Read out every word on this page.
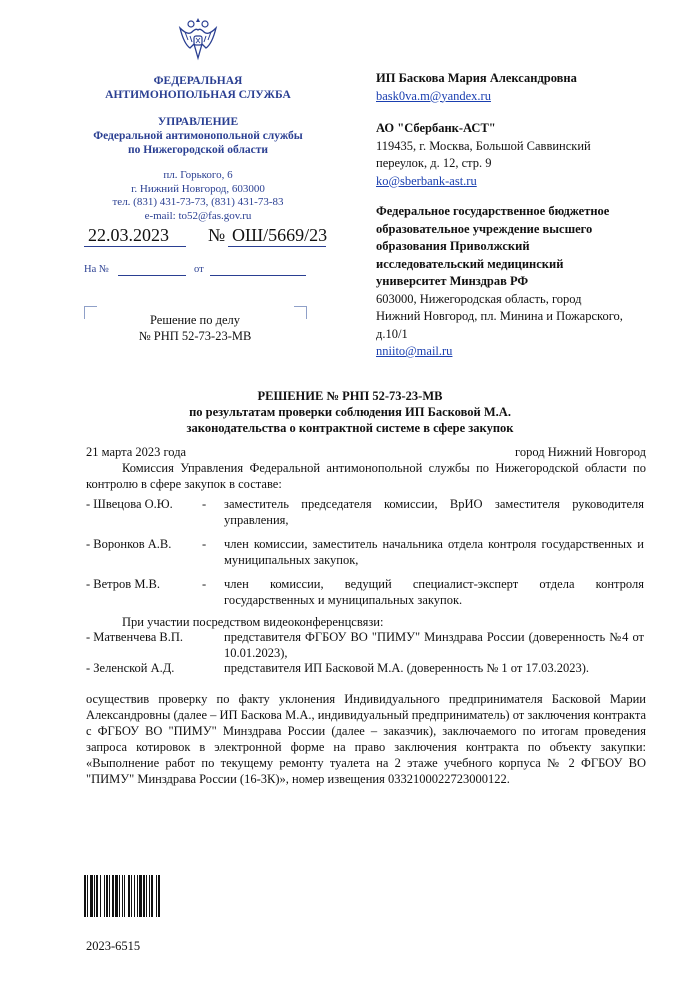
ФЕДЕРАЛЬНАЯ
АНТИМОНОПОЛЬНАЯ СЛУЖБА
УПРАВЛЕНИЕ
Федеральной антимонопольной службы
по Нижегородской области
пл. Горького, 6
г. Нижний Новгород, 603000
тел. (831) 431-73-73, (831) 431-73-83
e-mail: to52@fas.gov.ru
22.03.2023	№ ОШ/5669/23
На №	от
Решение по делу
№ РНП 52-73-23-МВ
ИП Басковa Мария Александровна
bask0va.m@yandex.ru
АО "Сбербанк-АСТ"
119435, г. Москва, Большой Саввинский
переулок, д. 12, стр. 9
ko@sberbank-ast.ru
Федеральное государственное бюджетное
образовательное учреждение высшего
образования Приволжский
исследовательский медицинский
университет Минздрав РФ
603000, Нижегородская область, город
Нижний Новгород, пл. Минина и Пожарского,
д.10/1
nniito@mail.ru
РЕШЕНИЕ № РНП 52-73-23-МВ
по результатам проверки соблюдения ИП Басковой М.А.
законодательства о контрактной системе в сфере закупок
21 марта 2023 года	город Нижний Новгород
Комиссия Управления Федеральной антимонопольной службы по Нижегородской области по контролю в сфере закупок в составе:
- Швецова О.Ю. - заместитель председателя комиссии, ВрИО заместителя руководителя управления,
- Воронков А.В. - член комиссии, заместитель начальника отдела контроля государственных и муниципальных закупок,
- Ветров М.В.	- член комиссии, ведущий специалист-эксперт отдела контроля государственных и муниципальных закупок.
При участии посредством видеоконференцсвязи:
- Матвенчева В.П.	представителя ФГБОУ ВО "ПИМУ" Минздрава России (доверенность №4 от 10.01.2023),
- Зеленской А.Д.	представителя ИП Басковой М.А. (доверенность № 1 от 17.03.2023).
осуществив проверку по факту уклонения Индивидуального предпринимателя Басковой Марии Александровны (далее – ИП Баскова М.А., индивидуальный предприниматель) от заключения контракта с ФГБОУ ВО "ПИМУ" Минздрава России (далее – заказчик), заключаемого по итогам проведения запроса котировок в электронной форме на право заключения контракта по объекту закупки: «Выполнение работ по текущему ремонту туалета на 2 этаже учебного корпуса № 2 ФГБОУ ВО "ПИМУ" Минздрава России (16-3К)», номер извещения 0332100022723000122.
2023-6515
